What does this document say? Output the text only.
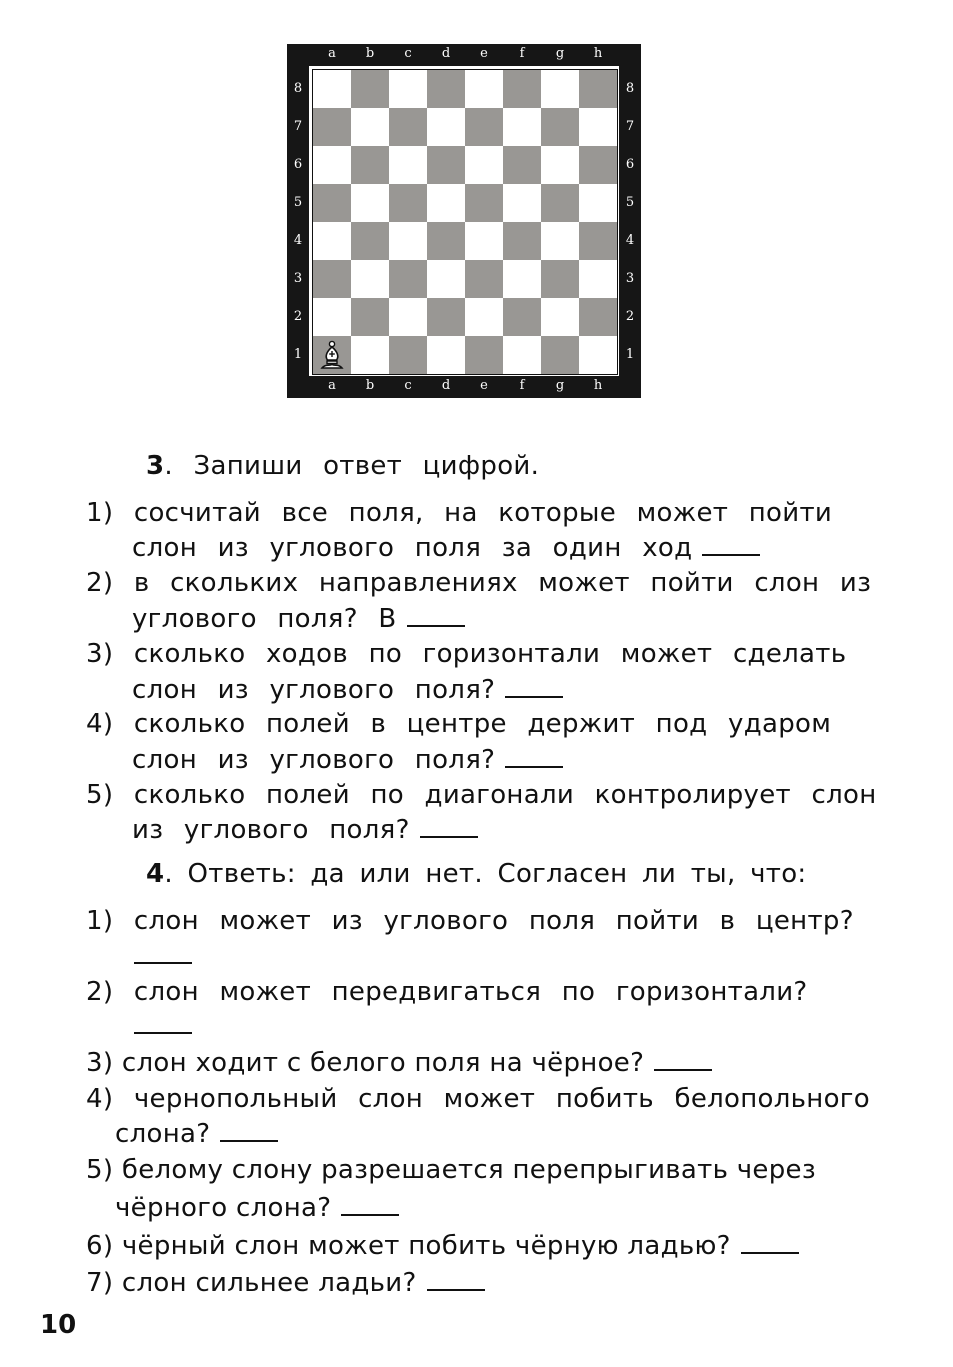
a
a
b
b
c
c
d
d
e
e
f
f
g
g
h
h
8	8
7	7
6	6
5	5
4	4
3	3
2	2
1	1
3. Запиши ответ цифрой.
1) сосчитай все поля, на которые может пойти
слон из углового поля за один ход
2) в скольких направлениях может пойти слон из
углового поля? В
3) сколько ходов по горизонтали может сделать
слон из углового поля?
4) сколько полей в центре держит под ударом
слон из углового поля?
5) сколько полей по диагонали контролирует слон
из углового поля?
4. Ответь: да или нет. Согласен ли ты, что:
1) слон может из углового поля пойти в центр?
2) слон может передвигаться по горизонтали?
3) слон ходит с белого поля на чёрное?
4) чернопольный слон может побить белопольного
слона?
5) белому слону разрешается перепрыгивать через
чёрного слона?
6) чёрный слон может побить чёрную ладью?
7) слон сильнее ладьи?
10
